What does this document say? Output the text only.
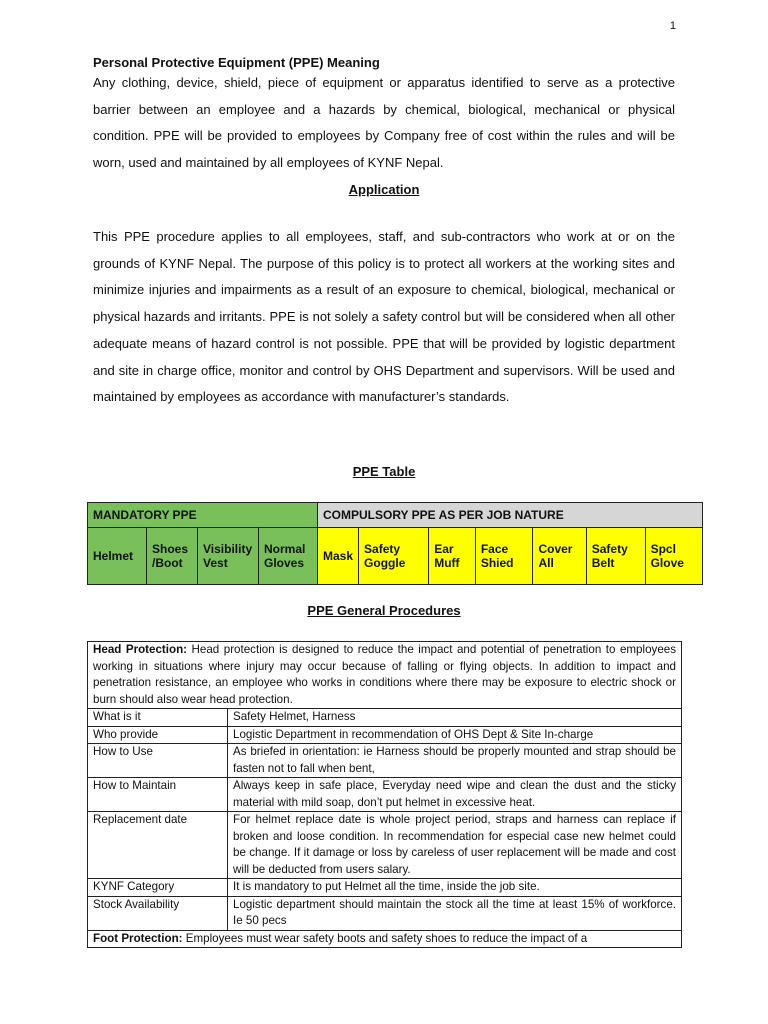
1
Personal Protective Equipment (PPE) Meaning
Any clothing, device, shield, piece of equipment or apparatus identified to serve as a protective barrier between an employee and a hazards by chemical, biological, mechanical or physical condition. PPE will be provided to employees by Company free of cost within the rules and will be worn, used and maintained by all employees of KYNF Nepal.
Application
This PPE procedure applies to all employees, staff, and sub-contractors who work at or on the grounds of KYNF Nepal. The purpose of this policy is to protect all workers at the working sites and minimize injuries and impairments as a result of an exposure to chemical, biological, mechanical or physical hazards and irritants. PPE is not solely a safety control but will be considered when all other adequate means of hazard control is not possible. PPE that will be provided by logistic department and site in charge office, monitor and control by OHS Department and supervisors. Will be used and maintained by employees as accordance with manufacturer’s standards.
PPE Table
MANDATORY PPE				COMPULSORY PPE AS PER JOB NATURE						
Helmet	Shoes /Boot	Visibility Vest	Normal Gloves	Mask	Safety Goggle	Ear Muff	Face Shied	Cover All	Safety Belt	Spcl Glove
PPE General Procedures
Head Protection: Head protection is designed to reduce the impact and potential of penetration to employees working in situations where injury may occur because of falling or flying objects. In addition to impact and penetration resistance, an employee who works in conditions where there may be exposure to electric shock or burn should also wear head protection.	
What is it	Safety Helmet, Harness
Who provide	Logistic Department in recommendation of OHS Dept & Site In-charge
How to Use	As briefed in orientation: ie Harness should be properly mounted and strap should be fasten not to fall when bent,
How to Maintain	Always keep in safe place, Everyday need wipe and clean the dust and the sticky material with mild soap, don’t put helmet in excessive heat.
Replacement date	For helmet replace date is whole project period, straps and harness can replace if broken and loose condition. In recommendation for especial case new helmet could be change. If it damage or loss by careless of user replacement will be made and cost will be deducted from users salary.
KYNF Category	It is mandatory to put Helmet all the time, inside the job site.
Stock Availability	Logistic department should maintain the stock all the time at least 15% of workforce. Ie 50 pecs
Foot Protection: Employees must wear safety boots and safety shoes to reduce the impact of a	
